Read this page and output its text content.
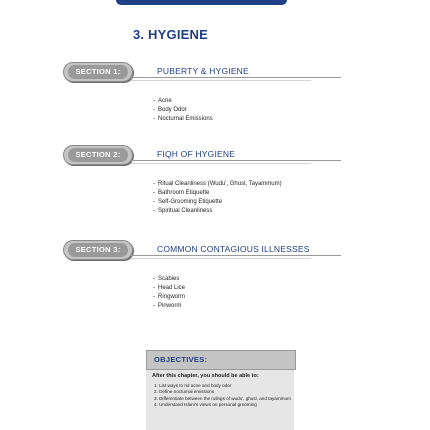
3. HYGIENE
SECTION 1:	PUBERTY & HYGIENE
- Acne
- Body Odor
- Nocturnal Emissions
SECTION 2:	FIQH OF HYGIENE
- Ritual Cleanliness (Wudu', Ghusl, Tayammum)
- Bathroom Etiquette
- Self-Grooming Etiquette
- Spiritual Cleanliness
SECTION 3:	COMMON CONTAGIOUS ILLNESSES
- Scabies
- Head Lice
- Ringworm
- Pinworm
OBJECTIVES:
After this chapter, you should be able to:
1. List ways to rid acne and body odor
2. Define nocturnal emissions
3. Differentiate between the rulings of wudu', ghusl, and tayammum
4. Understand Islam's views on personal grooming
